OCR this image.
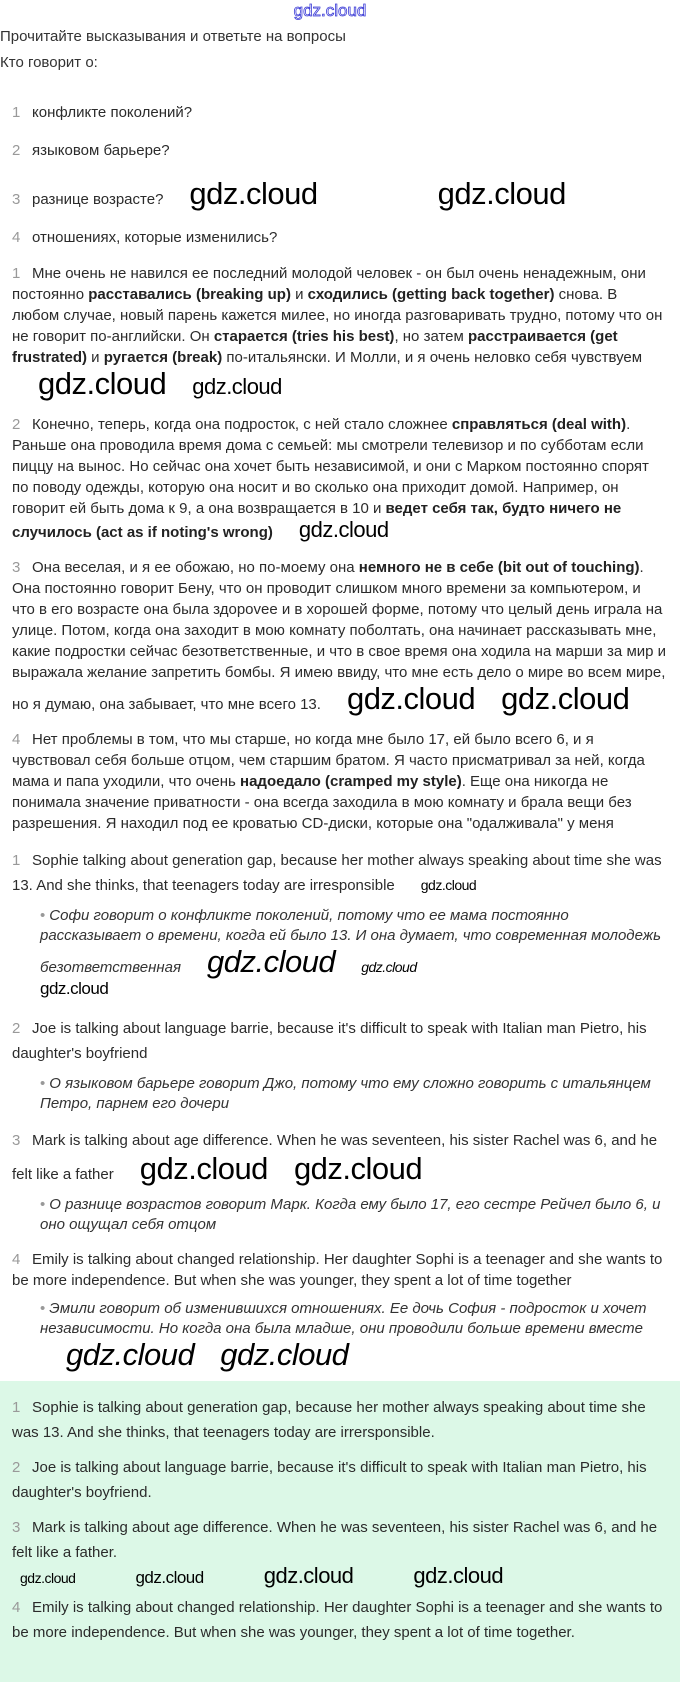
gdz.cloud
Прочитайте высказывания и ответьте на вопросы
Кто говорит о:
1 конфликте поколений?
2 языковом барьере?
3 разнице возрасте? gdz.cloud	gdz.cloud
4 отношениях, которые изменились?
1 Мне очень не навился ее последний молодой человек - он был очень ненадежным, они постоянно расставались (breaking up) и сходились (getting back together) снова. В любом случае, новый парень кажется милее, но иногда разговаривать трудно, потому что он не говорит по-английски. Он старается (tries his best), но затем расстраивается (get frustrated) и ругается (break) по-итальянски. И Молли, и я очень неловко себя чувствуемgdz.cloud gdz.cloud
2 Конечно, теперь, когда она подросток, с ней стало сложнее справляться (deal with). Раньше она проводила время дома с семьей: мы смотрели телевизор и по субботам если пиццу на вынос. Но сейчас она хочет быть независимой, и они с Марком постоянно спорят по поводу одежды, которую она носит и во сколько она приходит домой. Например, он говорит ей быть дома к 9, а она возвращается в 10 и ведет себя так, будто ничего не случилось (act as if noting's wrong) gdz.cloud
3 Она веселая, и я ее обожаю, но по-моему она немного не в себе (bit out of touching). Она постоянно говорит Бену, что он проводит слишком много времени за компьютером, и что в его возрасте она была здорovee и в хорошей форме, потому что целый день играла на улице. Потом, когда она заходит в мою комнату поболтать, она начинает рассказывать мне, какие подростки сейчас безответственные, и что в свое время она ходила на марши за мир и выражала желание запретить бомбы. Я имею ввиду, что мне есть дело о мире во всем мире, но я думаю, она забывает, что мне всего 13. gdz.cloud gdz.cloud
4 Нет проблемы в том, что мы старше, но когда мне было 17, ей было всего 6, и я чувствовал себя больше отцом, чем старшим братом. Я часто присматривал за ней, когда мама и папа уходили, что очень надоедало (cramped my style). Еще она никогда не понимала значение приватности - она всегда заходила в мою комнату и брала вещи без разрешения. Я находил под ее кроватью CD-диски, которые она "одалживала" у меня
1 Sophie talking about generation gap, because her mother always speaking about time she was 13. And she thinks, that teenagers today are irresponsible gdz.cloud
• Софи говорит о конфликте поколений, потому что ее мама постоянно рассказывает о времени, когда ей было 13. И она думает, что современная молодежь безответственная gdz.cloud gdz.cloud
gdz.cloud
2 Joe is talking about language barrie, because it's difficult to speak with Italian man Pietro, his daughter's boyfriend
• О языковом барьере говорит Джо, потому что ему сложно говорить с итальянцем Петро, парнем его дочери
3 Mark is talking about age difference. When he was seventeen, his sister Rachel was 6, and he felt like a father gdz.cloud gdz.cloud
• О разнице возрастов говорит Марк. Когда ему было 17, его сестре Рейчел было 6, и оно ощущал себя отцом
4 Emily is talking about changed relationship. Her daughter Sophi is a teenager and she wants to be more independence. But when she was younger, they spent a lot of time together
• Эмили говорит об изменившихся отношениях. Ее дочь София - подросток и хочет независимости. Но когда она была младше, они проводили больше времени вместеgdz.cloud gdz.cloud
1 Sophie is talking about generation gap, because her mother always speaking about time she was 13. And she thinks, that teenagers today are irrersponsible.
2 Joe is talking about language barrie, because it's difficult to speak with Italian man Pietro, his daughter's boyfriend.
3 Mark is talking about age difference. When he was seventeen, his sister Rachel was 6, and he felt like a father.
gdz.cloud	gdz.cloud	gdz.cloud	gdz.cloud
4 Emily is talking about changed relationship. Her daughter Sophi is a teenager and she wants to be more independence. But when she was younger, they spent a lot of time together.
